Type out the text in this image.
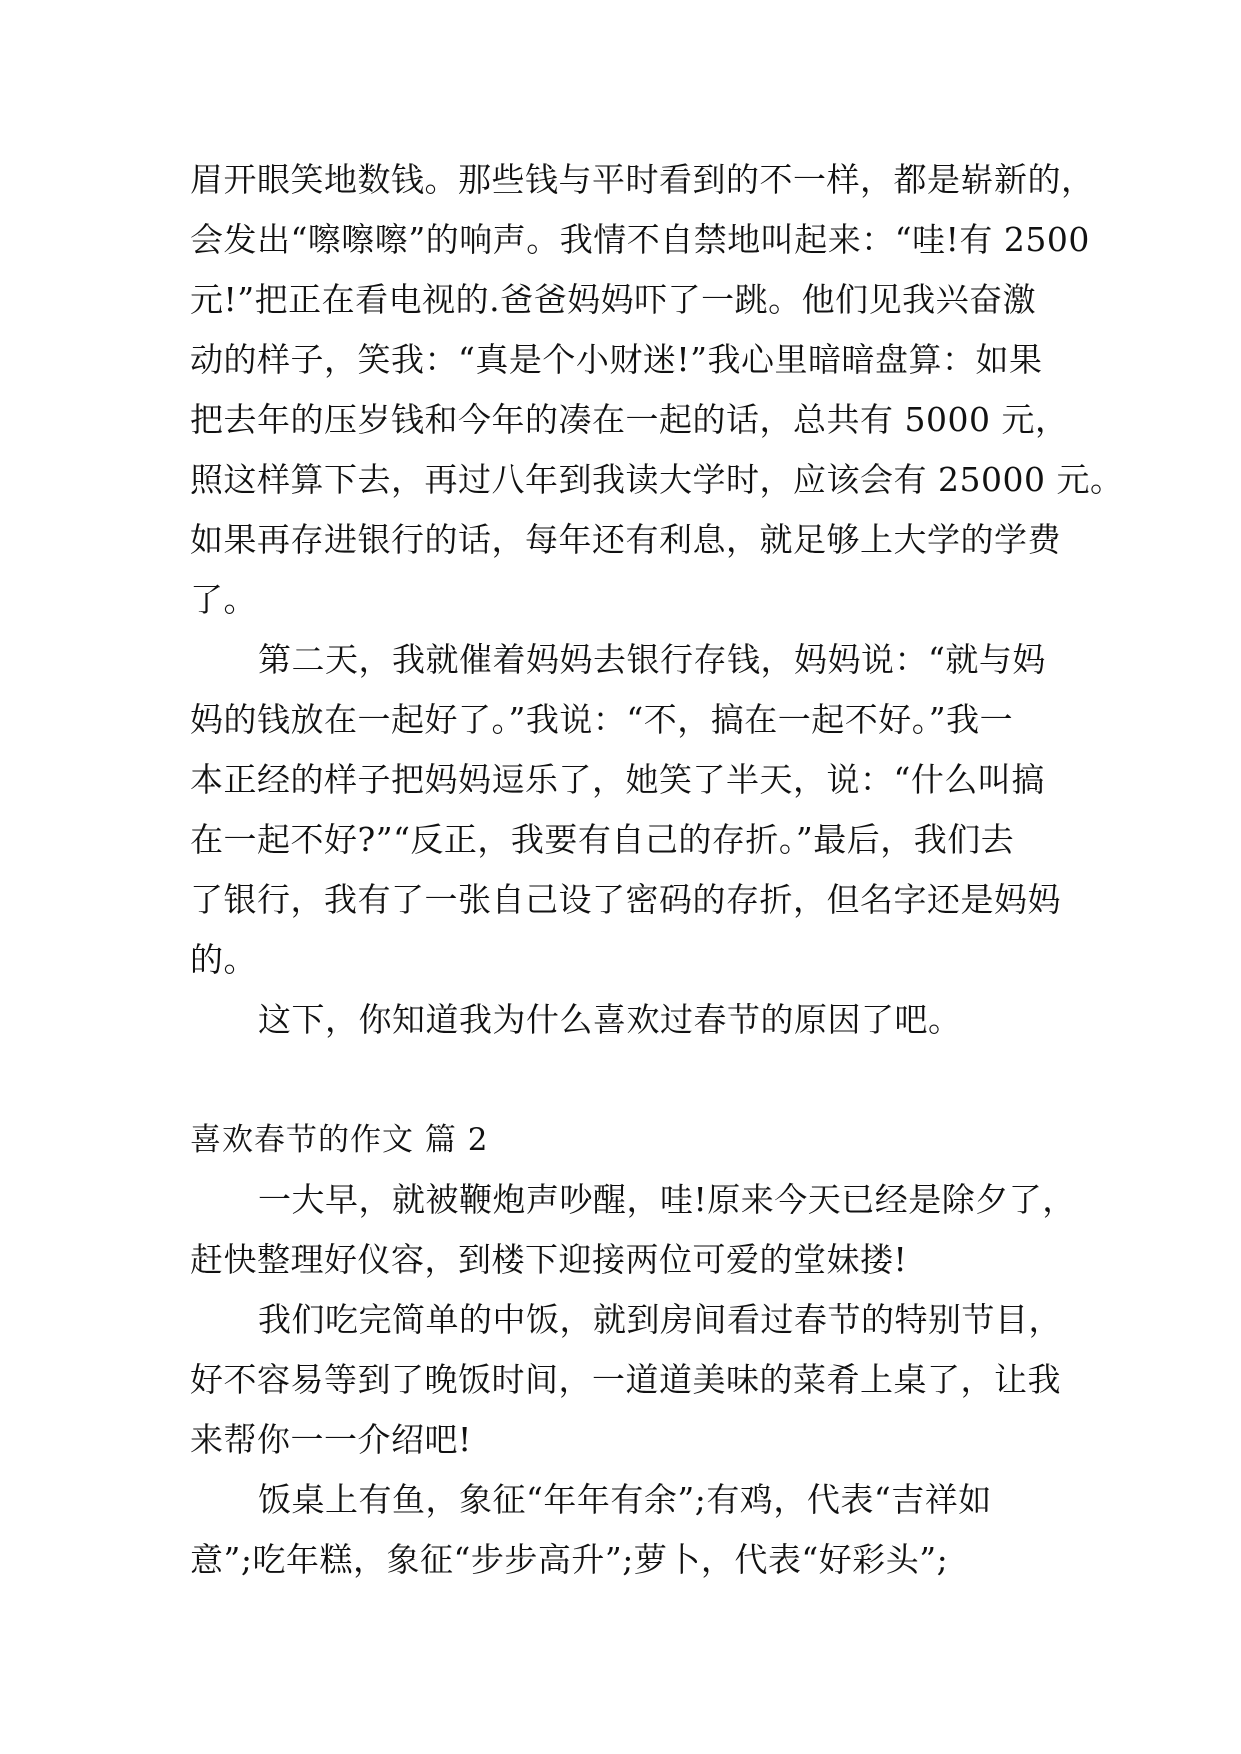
眉开眼笑地数钱。那些钱与平时看到的不一样，都是崭新的，
会发出“嚓嚓嚓”的响声。我情不自禁地叫起来：“哇!有 2500
元!”把正在看电视的.爸爸妈妈吓了一跳。他们见我兴奋激
动的样子，笑我：“真是个小财迷!”我心里暗暗盘算：如果
把去年的压岁钱和今年的凑在一起的话，总共有 5000 元，
照这样算下去，再过八年到我读大学时，应该会有 25000 元。
如果再存进银行的话，每年还有利息，就足够上大学的学费
了。
第二天，我就催着妈妈去银行存钱，妈妈说：“就与妈
妈的钱放在一起好了。”我说：“不，搞在一起不好。”我一
本正经的样子把妈妈逗乐了，她笑了半天，说：“什么叫搞
在一起不好?”“反正，我要有自己的存折。”最后，我们去
了银行，我有了一张自己设了密码的存折，但名字还是妈妈
的。
这下，你知道我为什么喜欢过春节的原因了吧。
喜欢春节的作文 篇 2
一大早，就被鞭炮声吵醒，哇!原来今天已经是除夕了，
赶快整理好仪容，到楼下迎接两位可爱的堂妹搂!
我们吃完简单的中饭，就到房间看过春节的特别节目，
好不容易等到了晚饭时间，一道道美味的菜肴上桌了，让我
来帮你一一介绍吧!
饭桌上有鱼，象征“年年有余”;有鸡，代表“吉祥如
意”;吃年糕，象征“步步高升”;萝卜，代表“好彩头”;
